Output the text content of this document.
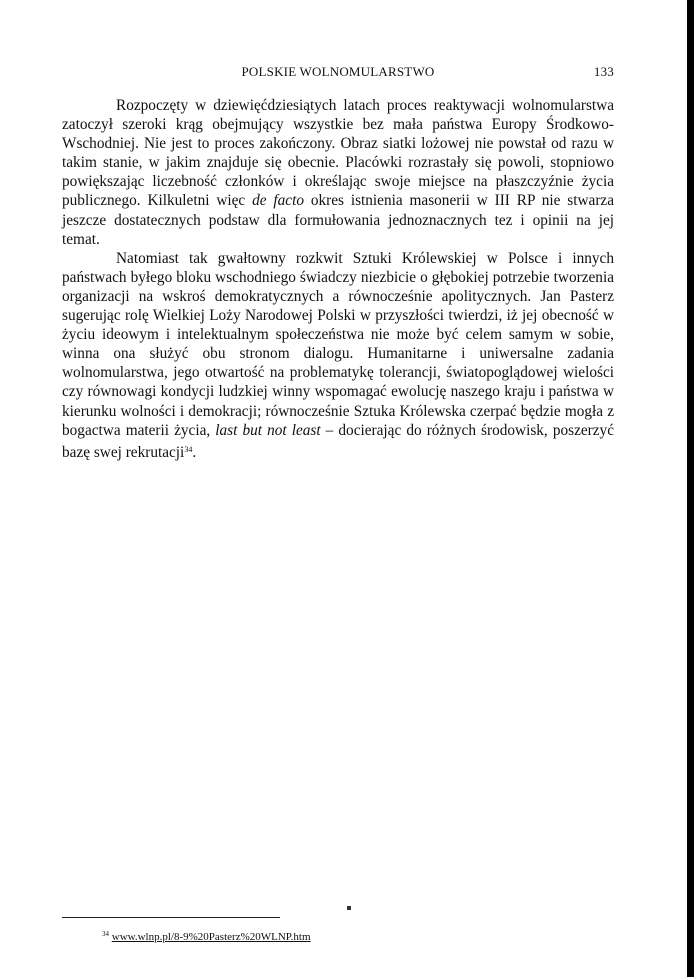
POLSKIE WOLNOMULARSTWO	133

Rozpoczęty w dziewięćdziesiątych latach proces reaktywacji wolnomularstwa zatoczył szeroki krąg obejmujący wszystkie bez mała państwa Europy Środkowo-Wschodniej. Nie jest to proces zakończony. Obraz siatki lożowej nie powstał od razu w takim stanie, w jakim znajduje się obecnie. Placówki rozrastały się powoli, stopniowo powiększając liczebność członków i określając swoje miejsce na płaszczyźnie życia publicznego. Kilkuletni więc de facto okres istnienia masonerii w III RP nie stwarza jeszcze dostatecznych podstaw dla formułowania jednoznacznych tez i opinii na jej temat.

Natomiast tak gwałtowny rozkwit Sztuki Królewskiej w Polsce i innych państwach byłego bloku wschodniego świadczy niezbicie o głębokiej potrzebie tworzenia organizacji na wskroś demokratycznych a równocześnie apolitycznych. Jan Pasterz sugerując rolę Wielkiej Loży Narodowej Polski w przyszłości twierdzi, iż jej obecność w życiu ideowym i intelektualnym społeczeństwa nie może być celem samym w sobie, winna ona służyć obu stronom dialogu. Humanitarne i uniwersalne zadania wolnomularstwa, jego otwartość na problematykę tolerancji, światopoglądowej wielości czy równowagi kondycji ludzkiej winny wspomagać ewolucję naszego kraju i państwa w kierunku wolności i demokracji; równocześnie Sztuka Królewska czerpać będzie mogła z bogactwa materii życia, last but not least – docierając do różnych środowisk, poszerzyć bazę swej rekrutacji$^{34}$.

$^{34}$ www.wlnp.pl/8-9%20Pasterz%20WLNP.htm
